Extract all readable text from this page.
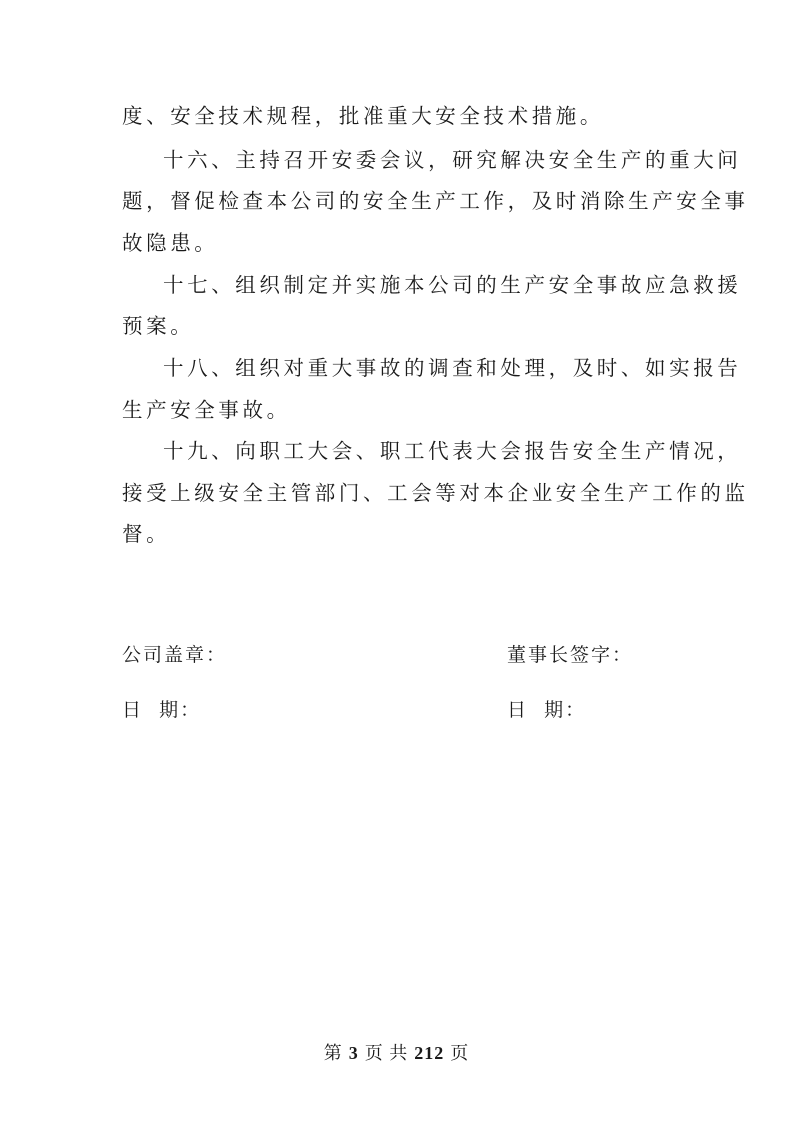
度、安全技术规程，批准重大安全技术措施。
十六、主持召开安委会议，研究解决安全生产的重大问
题，督促检查本公司的安全生产工作，及时消除生产安全事
故隐患。
十七、组织制定并实施本公司的生产安全事故应急救援
预案。
十八、组织对重大事故的调查和处理，及时、如实报告
生产安全事故。
十九、向职工大会、职工代表大会报告安全生产情况，
接受上级安全主管部门、工会等对本企业安全生产工作的监
督。
公司盖章：	董事长签字：
日  期：	日  期：
第 3 页 共 212 页
